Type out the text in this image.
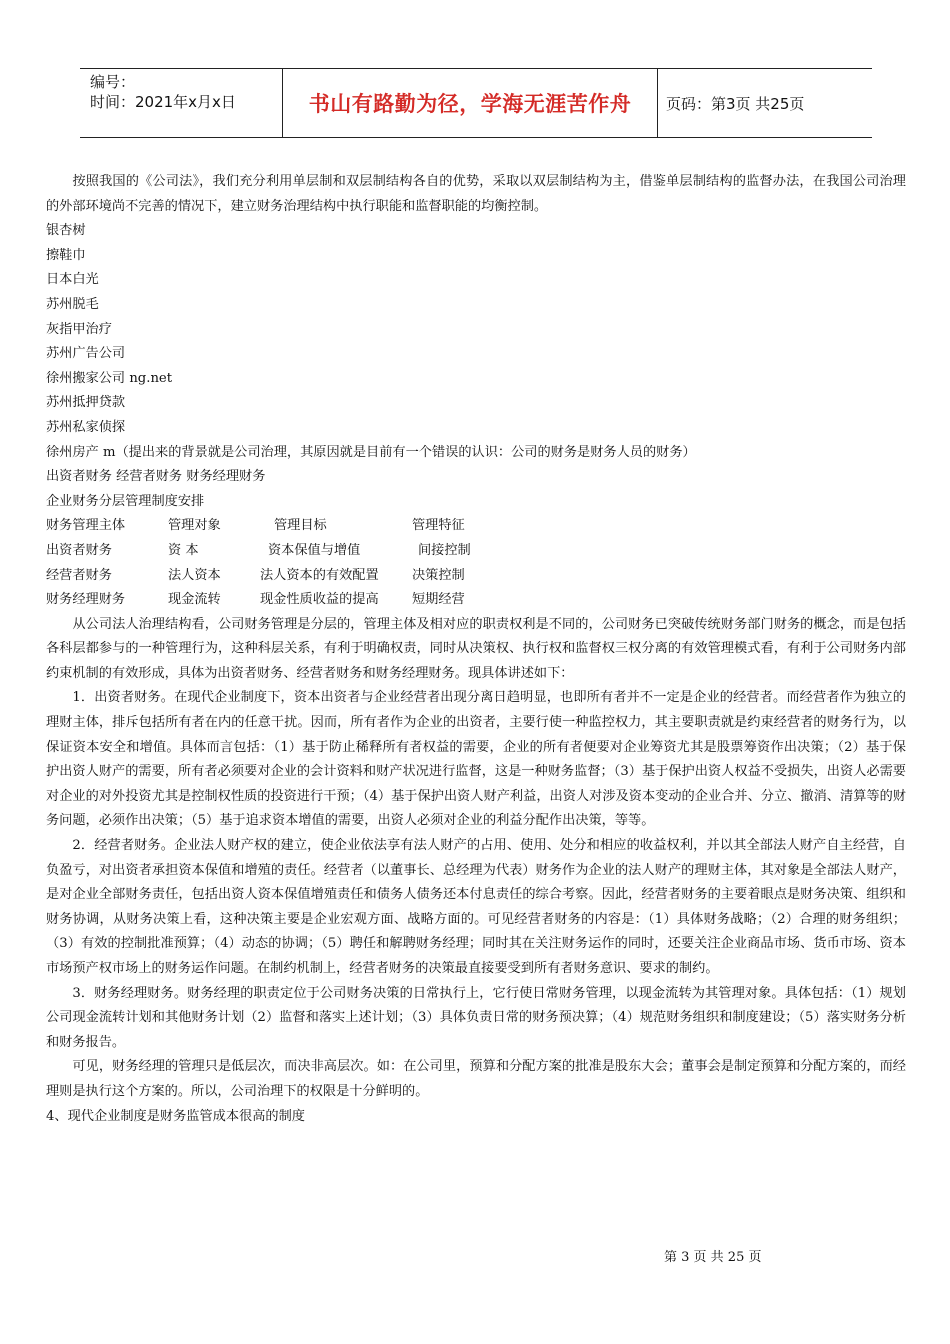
编号：
时间：2021年x月x日	书山有路勤为径，学海无涯苦作舟 页码：第3页 共25页

按照我国的《公司法》，我们充分利用单层制和双层制结构各自的优势，采取以双层制结构为主，借鉴单层制结构的监督办法，在我国公司治理的外部环境尚不完善的情况下，建立财务治理结构中执行职能和监督职能的均衡控制。

银杏树

擦鞋巾

日本白光

苏州脱毛

灰指甲治疗

苏州广告公司

徐州搬家公司 ng.net

苏州抵押贷款

苏州私家侦探

徐州房产 m（提出来的背景就是公司治理，其原因就是目前有一个错误的认识：公司的财务是财务人员的财务）

出资者财务 经营者财务 财务经理财务

企业财务分层管理制度安排

财务管理主体	管理对象	管理目标	管理特征
出资者财务	资 本	资本保值与增值	间接控制
经营者财务	法人资本	法人资本的有效配置	决策控制
财务经理财务	现金流转	现金性质收益的提高	短期经营

从公司法人治理结构看，公司财务管理是分层的，管理主体及相对应的职责权利是不同的，公司财务已突破传统财务部门财务的概念，而是包括各科层都参与的一种管理行为，这种科层关系，有利于明确权责，同时从决策权、执行权和监督权三权分离的有效管理模式看，有利于公司财务内部约束机制的有效形成，具体为出资者财务、经营者财务和财务经理财务。现具体讲述如下：

1．出资者财务。在现代企业制度下，资本出资者与企业经营者出现分离日趋明显，也即所有者并不一定是企业的经营者。而经营者作为独立的理财主体，排斥包括所有者在内的任意干扰。因而，所有者作为企业的出资者，主要行使一种监控权力，其主要职责就是约束经营者的财务行为，以保证资本安全和增值。具体而言包括：（1）基于防止稀释所有者权益的需要，企业的所有者便要对企业筹资尤其是股票筹资作出决策；（2）基于保护出资人财产的需要，所有者必须要对企业的会计资料和财产状况进行监督，这是一种财务监督；（3）基于保护出资人权益不受损失，出资人必需要对企业的对外投资尤其是控制权性质的投资进行干预；（4）基于保护出资人财产利益，出资人对涉及资本变动的企业合并、分立、撤消、清算等的财务问题，必须作出决策；（5）基于追求资本增值的需要，出资人必须对企业的利益分配作出决策，等等。

2．经营者财务。企业法人财产权的建立，使企业依法享有法人财产的占用、使用、处分和相应的收益权利，并以其全部法人财产自主经营，自负盈亏，对出资者承担资本保值和增殖的责任。经营者（以董事长、总经理为代表）财务作为企业的法人财产的理财主体，其对象是全部法人财产，是对企业全部财务责任，包括出资人资本保值增殖责任和债务人债务还本付息责任的综合考察。因此，经营者财务的主要着眼点是财务决策、组织和财务协调，从财务决策上看，这种决策主要是企业宏观方面、战略方面的。可见经营者财务的内容是：（1）具体财务战略；（2）合理的财务组织；（3）有效的控制批准预算；（4）动态的协调；（5）聘任和解聘财务经理；同时其在关注财务运作的同时，还要关注企业商品市场、货币市场、资本市场预产权市场上的财务运作问题。在制约机制上，经营者财务的决策最直接要受到所有者财务意识、要求的制约。

3．财务经理财务。财务经理的职责定位于公司财务决策的日常执行上，它行使日常财务管理，以现金流转为其管理对象。具体包括：（1）规划公司现金流转计划和其他财务计划（2）监督和落实上述计划；（3）具体负责日常的财务预决算；（4）规范财务组织和制度建设；（5）落实财务分析和财务报告。

可见，财务经理的管理只是低层次，而决非高层次。如：在公司里，预算和分配方案的批准是股东大会；董事会是制定预算和分配方案的，而经理则是执行这个方案的。所以，公司治理下的权限是十分鲜明的。

4、现代企业制度是财务监管成本很高的制度

第 3 页 共 25 页
